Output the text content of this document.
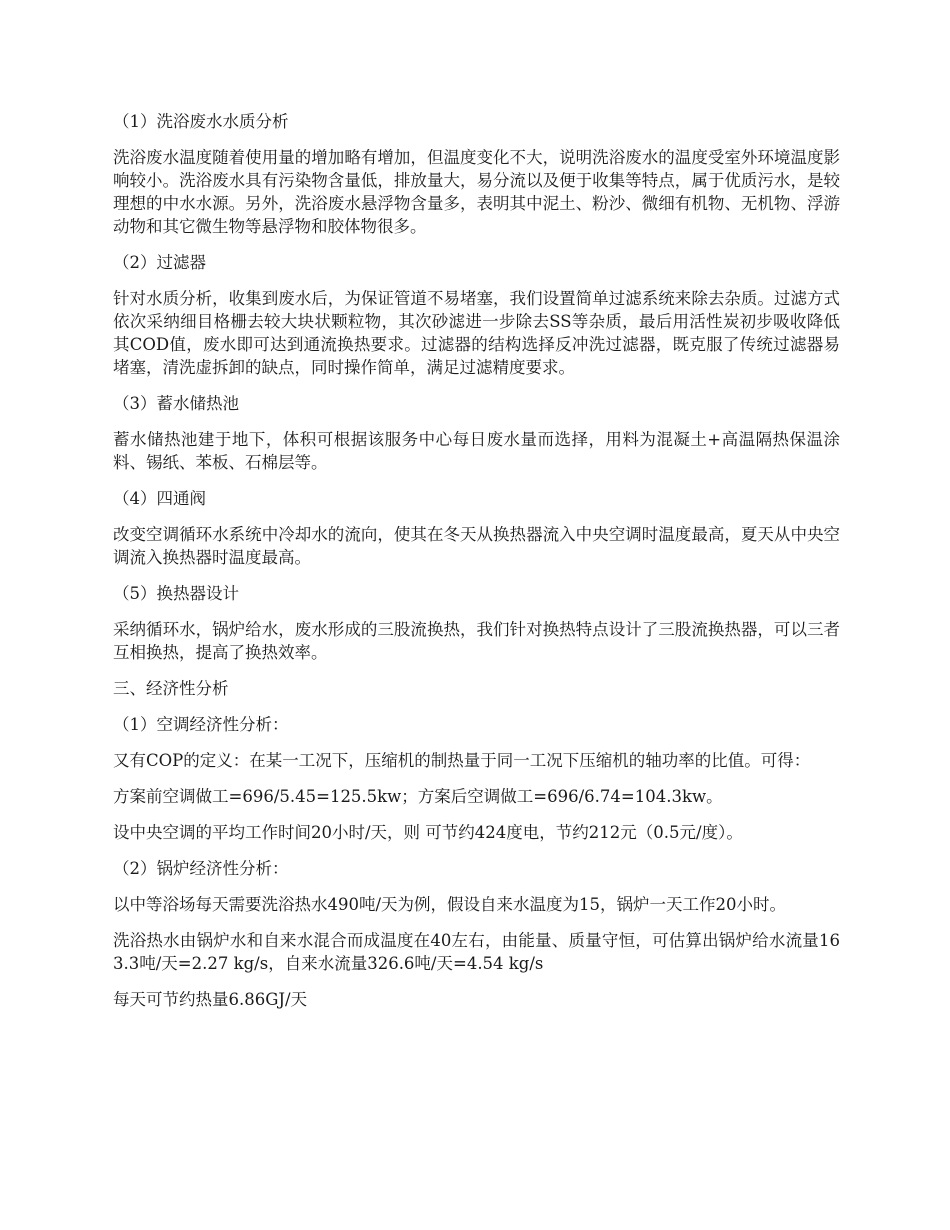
（1）洗浴废水水质分析

洗浴废水温度随着使用量的增加略有增加，但温度变化不大，说明洗浴废水的温度受室外环境温度影响较小。洗浴废水具有污染物含量低，排放量大，易分流以及便于收集等特点，属于优质污水，是较理想的中水水源。另外，洗浴废水悬浮物含量多，表明其中泥土、粉沙、微细有机物、无机物、浮游动物和其它微生物等悬浮物和胶体物很多。

（2）过滤器

针对水质分析，收集到废水后，为保证管道不易堵塞，我们设置简单过滤系统来除去杂质。过滤方式依次采纳细目格栅去较大块状颗粒物，其次砂滤进一步除去SS等杂质，最后用活性炭初步吸收降低其COD值，废水即可达到通流换热要求。过滤器的结构选择反冲洗过滤器，既克服了传统过滤器易堵塞，清洗虚拆卸的缺点，同时操作简单，满足过滤精度要求。

（3）蓄水储热池

蓄水储热池建于地下，体积可根据该服务中心每日废水量而选择，用料为混凝土+高温隔热保温涂料、锡纸、苯板、石棉层等。

（4）四通阀

改变空调循环水系统中冷却水的流向，使其在冬天从换热器流入中央空调时温度最高，夏天从中央空调流入换热器时温度最高。

（5）换热器设计

采纳循环水，锅炉给水，废水形成的三股流换热，我们针对换热特点设计了三股流换热器，可以三者互相换热，提高了换热效率。

三、经济性分析

（1）空调经济性分析：

又有COP的定义：在某一工况下，压缩机的制热量于同一工况下压缩机的轴功率的比值。可得：

方案前空调做工=696/5.45=125.5kw；方案后空调做工=696/6.74=104.3kw。

设中央空调的平均工作时间20小时/天，则 可节约424度电，节约212元（0.5元/度）。

（2）锅炉经济性分析：

以中等浴场每天需要洗浴热水490吨/天为例，假设自来水温度为15，锅炉一天工作20小时。

洗浴热水由锅炉水和自来水混合而成温度在40左右，由能量、质量守恒，可估算出锅炉给水流量163.3吨/天=2.27 kg/s，自来水流量326.6吨/天=4.54 kg/s

每天可节约热量6.86GJ/天
